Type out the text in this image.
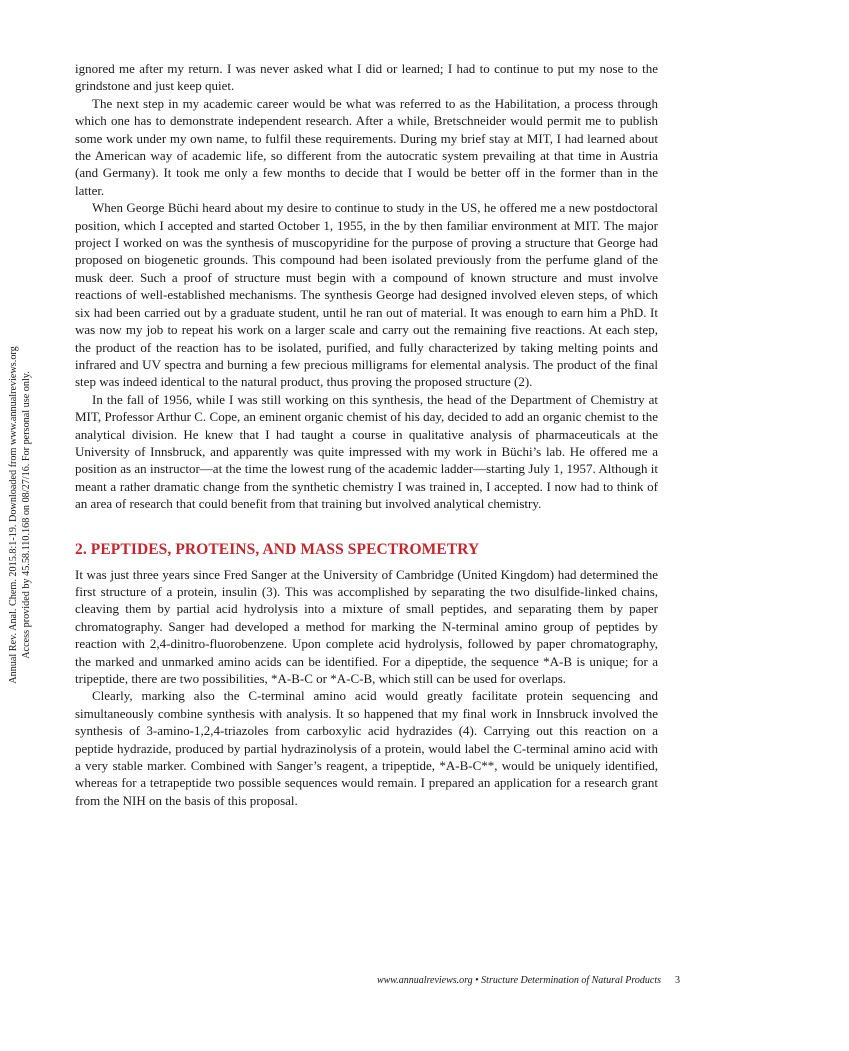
Annual Rev. Anal. Chem. 2015.8:1-19. Downloaded from www.annualreviews.org Access provided by 45.58.110.168 on 08/27/16. For personal use only.

ignored me after my return. I was never asked what I did or learned; I had to continue to put my nose to the grindstone and just keep quiet.

The next step in my academic career would be what was referred to as the Habilitation, a process through which one has to demonstrate independent research. After a while, Bretschneider would permit me to publish some work under my own name, to fulfil these requirements. During my brief stay at MIT, I had learned about the American way of academic life, so different from the autocratic system prevailing at that time in Austria (and Germany). It took me only a few months to decide that I would be better off in the former than in the latter.

When George Büchi heard about my desire to continue to study in the US, he offered me a new postdoctoral position, which I accepted and started October 1, 1955, in the by then familiar environment at MIT. The major project I worked on was the synthesis of muscopyridine for the purpose of proving a structure that George had proposed on biogenetic grounds. This compound had been isolated previously from the perfume gland of the musk deer. Such a proof of structure must begin with a compound of known structure and must involve reactions of well-established mechanisms. The synthesis George had designed involved eleven steps, of which six had been carried out by a graduate student, until he ran out of material. It was enough to earn him a PhD. It was now my job to repeat his work on a larger scale and carry out the remaining five reactions. At each step, the product of the reaction has to be isolated, purified, and fully characterized by taking melting points and infrared and UV spectra and burning a few precious milligrams for elemental analysis. The product of the final step was indeed identical to the natural product, thus proving the proposed structure (2).

In the fall of 1956, while I was still working on this synthesis, the head of the Department of Chemistry at MIT, Professor Arthur C. Cope, an eminent organic chemist of his day, decided to add an organic chemist to the analytical division. He knew that I had taught a course in qualitative analysis of pharmaceuticals at the University of Innsbruck, and apparently was quite impressed with my work in Büchi’s lab. He offered me a position as an instructor—at the time the lowest rung of the academic ladder—starting July 1, 1957. Although it meant a rather dramatic change from the synthetic chemistry I was trained in, I accepted. I now had to think of an area of research that could benefit from that training but involved analytical chemistry.

2. PEPTIDES, PROTEINS, AND MASS SPECTROMETRY

It was just three years since Fred Sanger at the University of Cambridge (United Kingdom) had determined the first structure of a protein, insulin (3). This was accomplished by separating the two disulfide-linked chains, cleaving them by partial acid hydrolysis into a mixture of small peptides, and separating them by paper chromatography. Sanger had developed a method for marking the N-terminal amino group of peptides by reaction with 2,4-dinitro-fluorobenzene. Upon complete acid hydrolysis, followed by paper chromatography, the marked and unmarked amino acids can be identified. For a dipeptide, the sequence *A-B is unique; for a tripeptide, there are two possibilities, *A-B-C or *A-C-B, which still can be used for overlaps.

Clearly, marking also the C-terminal amino acid would greatly facilitate protein sequencing and simultaneously combine synthesis with analysis. It so happened that my final work in Innsbruck involved the synthesis of 3-amino-1,2,4-triazoles from carboxylic acid hydrazides (4). Carrying out this reaction on a peptide hydrazide, produced by partial hydrazinolysis of a protein, would label the C-terminal amino acid with a very stable marker. Combined with Sanger’s reagent, a tripeptide, *A-B-C**, would be uniquely identified, whereas for a tetrapeptide two possible sequences would remain. I prepared an application for a research grant from the NIH on the basis of this proposal.

www.annualreviews.org • Structure Determination of Natural Products 3
